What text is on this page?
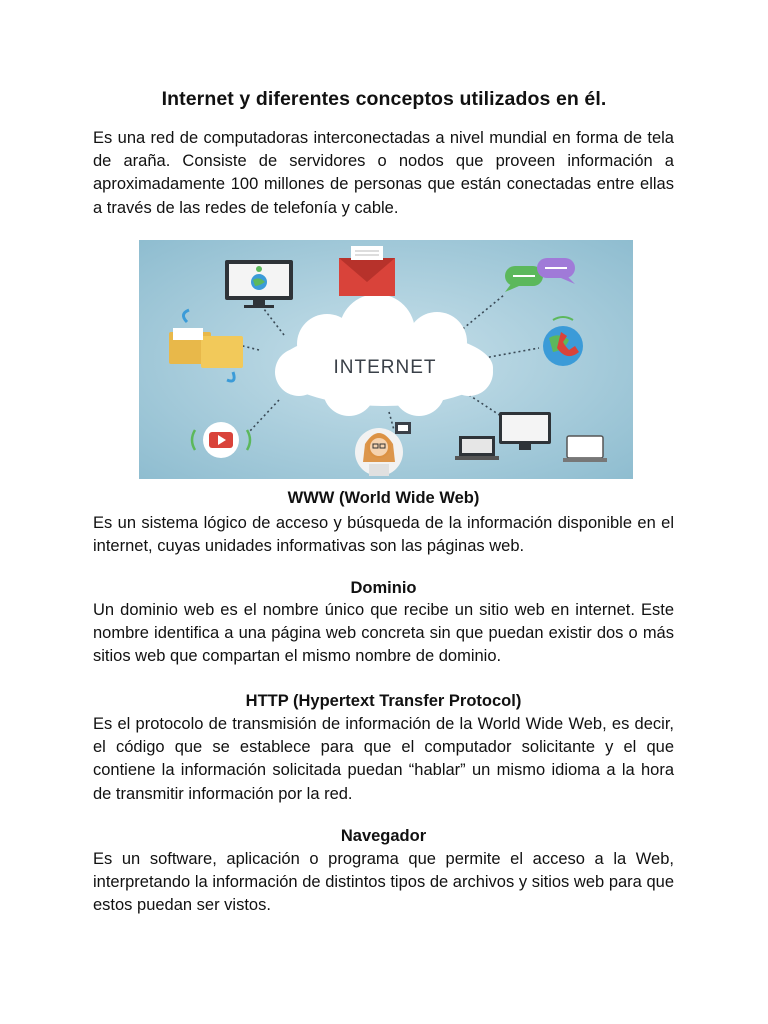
Internet y diferentes conceptos utilizados en él.

Es una red de computadoras interconectadas a nivel mundial en forma de tela de araña. Consiste de servidores o nodos que proveen información a aproximadamente 100 millones de personas que están conectadas entre ellas a través de las redes de telefonía y cable.

INTERNET
WWW (World Wide Web)

Es un sistema lógico de acceso y búsqueda de la información disponible en el internet, cuyas unidades informativas son las páginas web.

Dominio

Un dominio web es el nombre único que recibe un sitio web en internet. Este nombre identifica a una página web concreta sin que puedan existir dos o más sitios web que compartan el mismo nombre de dominio.

HTTP (Hypertext Transfer Protocol)

Es el protocolo de transmisión de información de la World Wide Web, es decir, el código que se establece para que el computador solicitante y el que contiene la información solicitada puedan “hablar” un mismo idioma a la hora de transmitir información por la red.

Navegador

Es un software, aplicación o programa que permite el acceso a la Web, interpretando la información de distintos tipos de archivos y sitios web para que estos puedan ser vistos.
